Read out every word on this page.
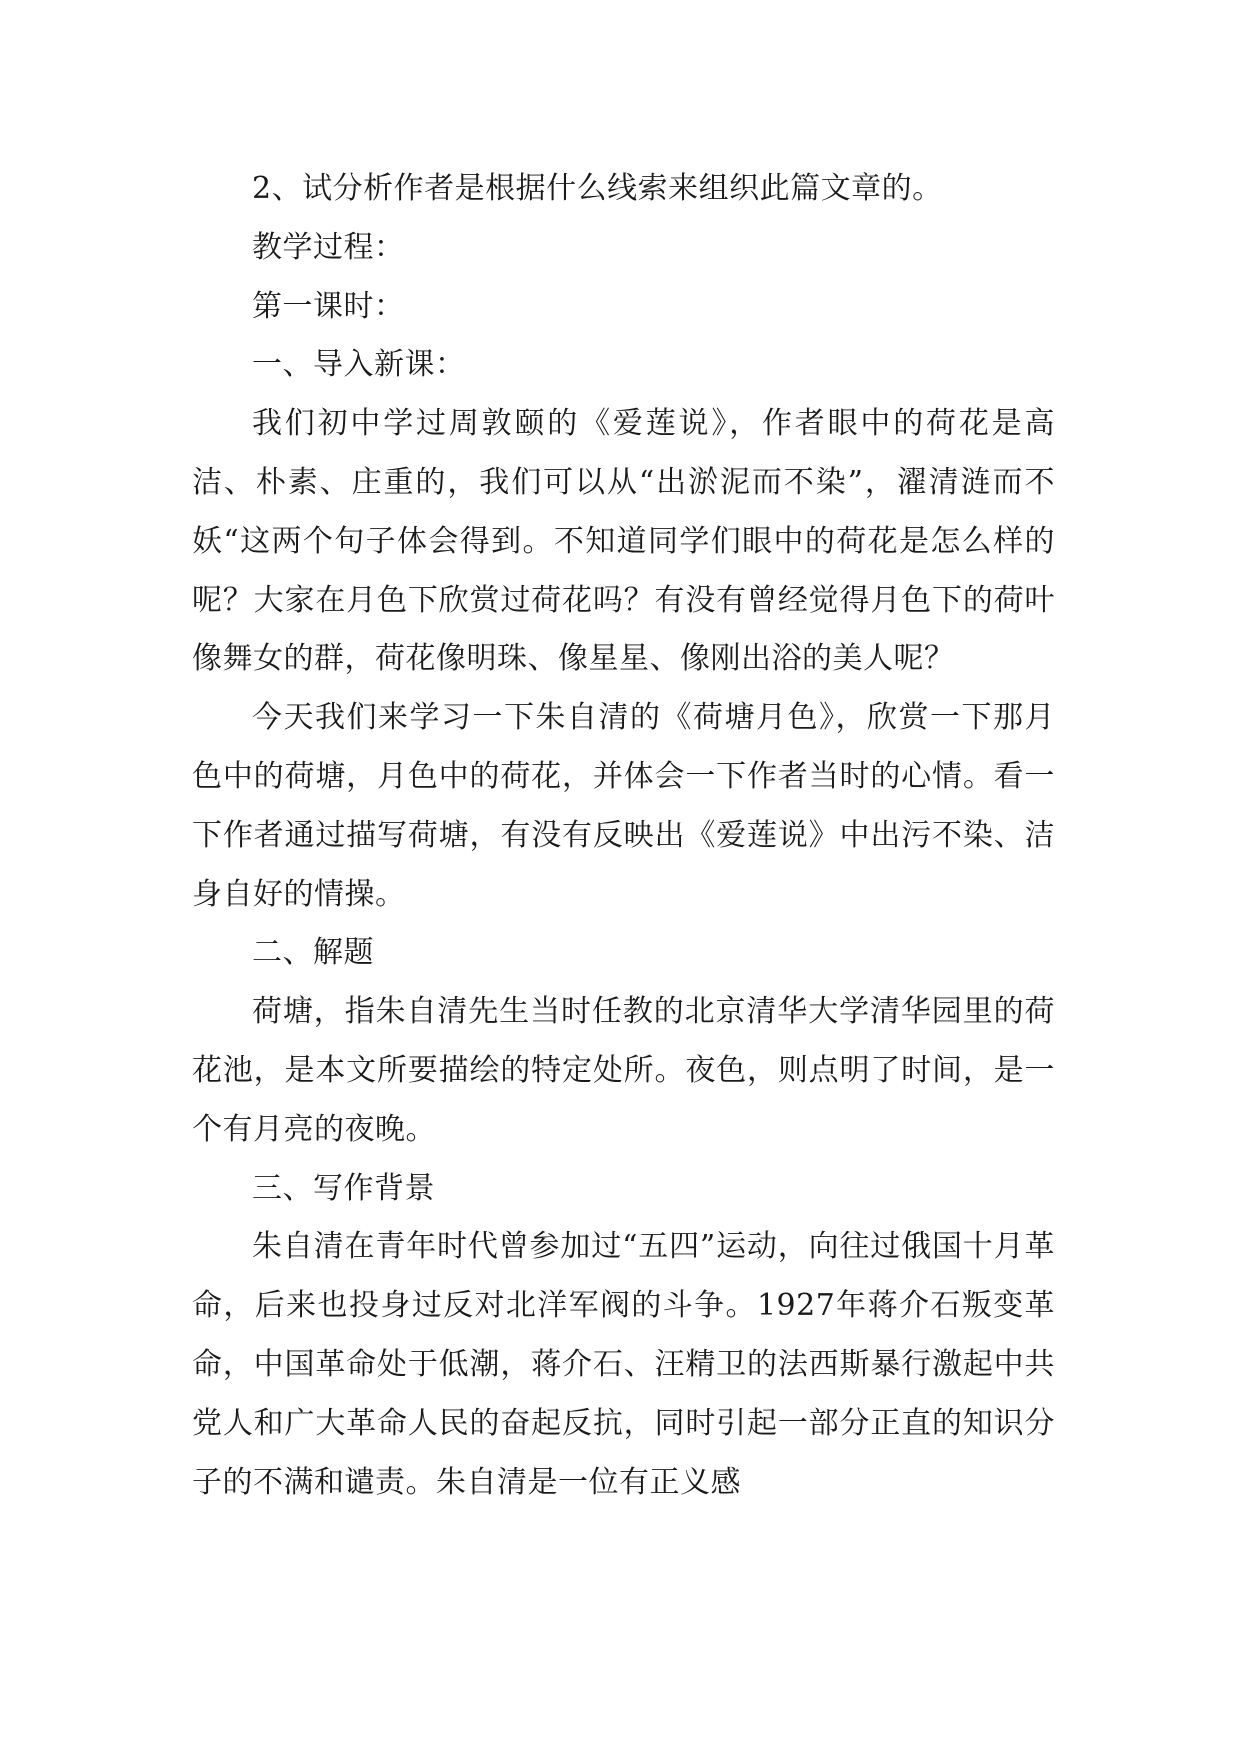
2、试分析作者是根据什么线索来组织此篇文章的。

教学过程：

第一课时：

一、导入新课：

我们初中学过周敦颐的《爱莲说》，作者眼中的荷花是高洁、朴素、庄重的，我们可以从“出淤泥而不染”，濯清涟而不妖“这两个句子体会得到。不知道同学们眼中的荷花是怎么样的呢？大家在月色下欣赏过荷花吗？有没有曾经觉得月色下的荷叶像舞女的群，荷花像明珠、像星星、像刚出浴的美人呢？

今天我们来学习一下朱自清的《荷塘月色》，欣赏一下那月色中的荷塘，月色中的荷花，并体会一下作者当时的心情。看一下作者通过描写荷塘，有没有反映出《爱莲说》中出污不染、洁身自好的情操。

二、解题

荷塘，指朱自清先生当时任教的北京清华大学清华园里的荷花池，是本文所要描绘的特定处所。夜色，则点明了时间，是一个有月亮的夜晚。

三、写作背景

朱自清在青年时代曾参加过“五四”运动，向往过俄国十月革命，后来也投身过反对北洋军阀的斗争。1927年蒋介石叛变革命，中国革命处于低潮，蒋介石、汪精卫的法西斯暴行激起中共党人和广大革命人民的奋起反抗，同时引起一部分正直的知识分子的不满和谴责。朱自清是一位有正义感
